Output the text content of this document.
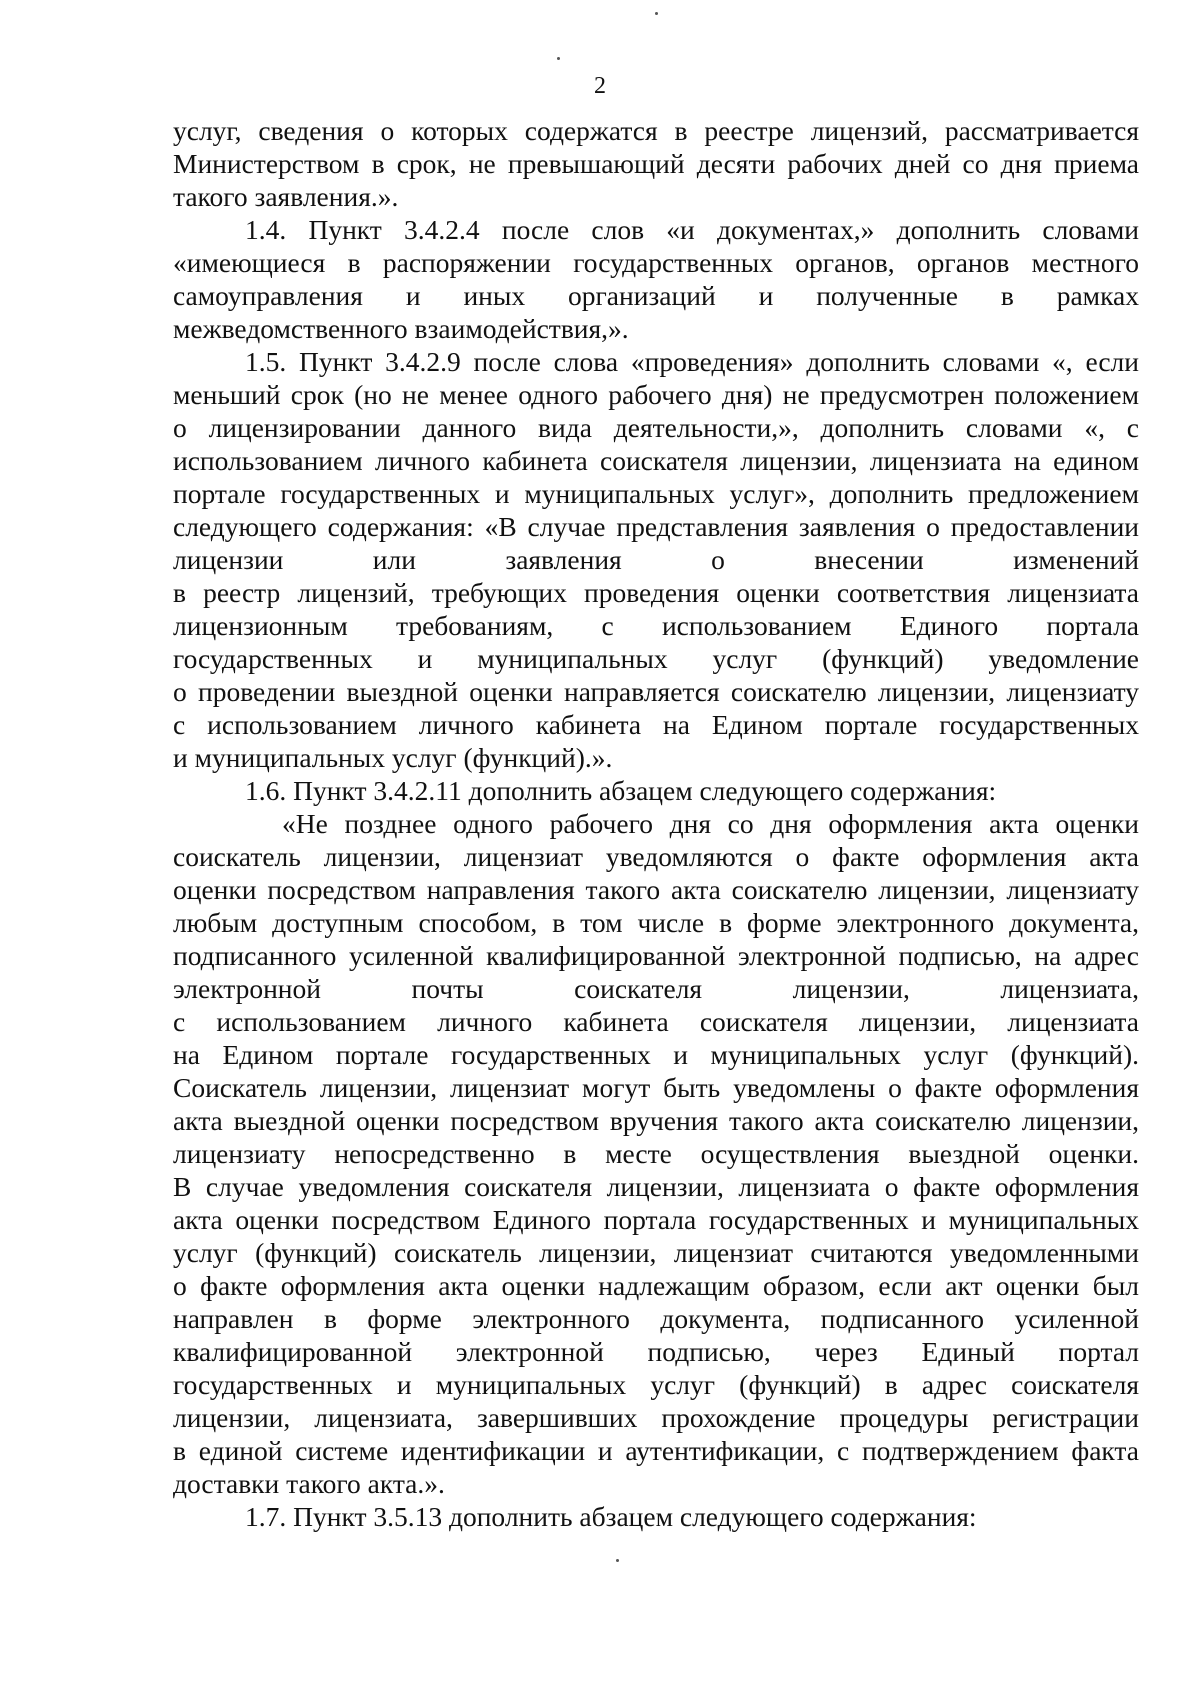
2
услуг, сведения о которых содержатся в реестре лицензий, рассматривается
Министерством в срок, не превышающий десяти рабочих дней со дня приема
такого заявления.».
1.4. Пункт 3.4.2.4 после слов «и документах,» дополнить словами
«имеющиеся в распоряжении государственных органов, органов местного
самоуправления и иных организаций и полученные в рамках
межведомственного взаимодействия,».
1.5. Пункт 3.4.2.9 после слова «проведения» дополнить словами «, если
меньший срок (но не менее одного рабочего дня) не предусмотрен положением
о лицензировании данного вида деятельности,», дополнить словами «, с
использованием личного кабинета соискателя лицензии, лицензиата на едином
портале государственных и муниципальных услуг», дополнить предложением
следующего содержания: «В случае представления заявления о предоставлении
лицензии или заявления о внесении изменений
в реестр лицензий, требующих проведения оценки соответствия лицензиата
лицензионным требованиям, с использованием Единого портала
государственных и муниципальных услуг (функций) уведомление
о проведении выездной оценки направляется соискателю лицензии, лицензиату
с использованием личного кабинета на Едином портале государственных
и муниципальных услуг (функций).».
1.6. Пункт 3.4.2.11 дополнить абзацем следующего содержания:
«Не позднее одного рабочего дня со дня оформления акта оценки
соискатель лицензии, лицензиат уведомляются о факте оформления акта
оценки посредством направления такого акта соискателю лицензии, лицензиату
любым доступным способом, в том числе в форме электронного документа,
подписанного усиленной квалифицированной электронной подписью, на адрес
электронной почты соискателя лицензии, лицензиата,
с использованием личного кабинета соискателя лицензии, лицензиата
на Едином портале государственных и муниципальных услуг (функций).
Соискатель лицензии, лицензиат могут быть уведомлены о факте оформления
акта выездной оценки посредством вручения такого акта соискателю лицензии,
лицензиату непосредственно в месте осуществления выездной оценки.
В случае уведомления соискателя лицензии, лицензиата о факте оформления
акта оценки посредством Единого портала государственных и муниципальных
услуг (функций) соискатель лицензии, лицензиат считаются уведомленными
о факте оформления акта оценки надлежащим образом, если акт оценки был
направлен в форме электронного документа, подписанного усиленной
квалифицированной электронной подписью, через Единый портал
государственных и муниципальных услуг (функций) в адрес соискателя
лицензии, лицензиата, завершивших прохождение процедуры регистрации
в единой системе идентификации и аутентификации, с подтверждением факта
доставки такого акта.».
1.7. Пункт 3.5.13 дополнить абзацем следующего содержания:
